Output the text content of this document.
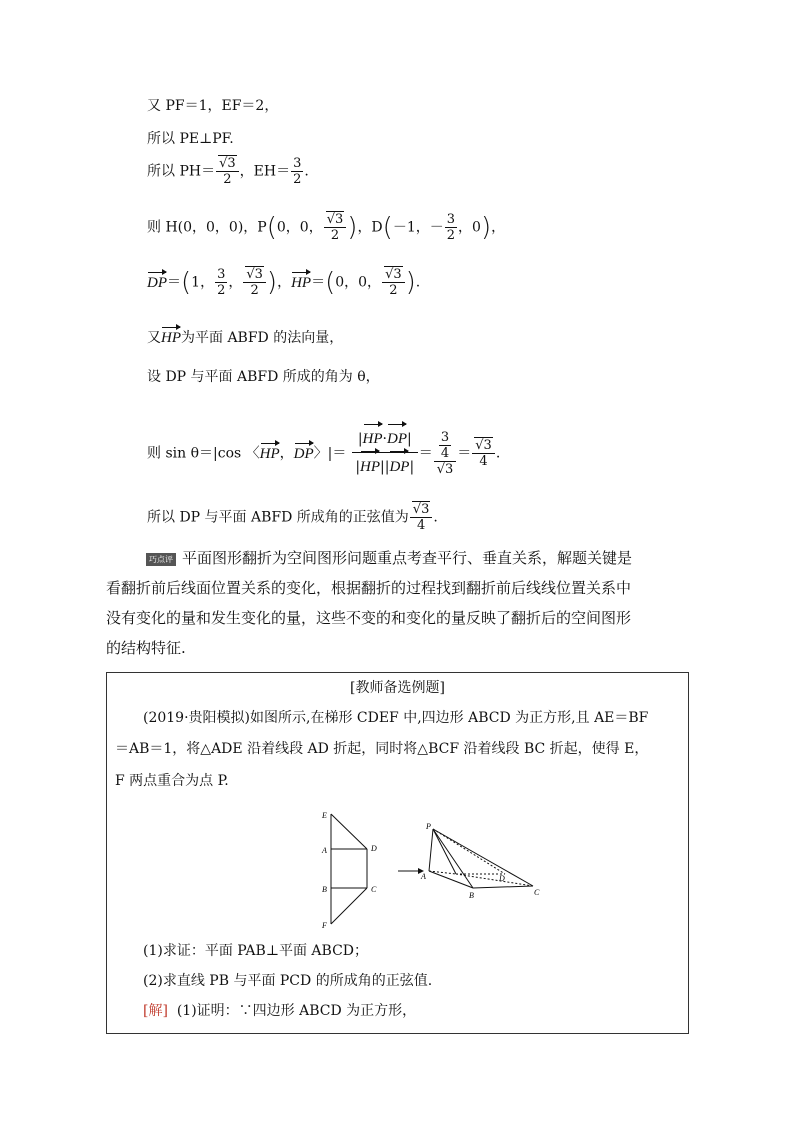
又 PF＝1，EF＝2，
所以 PE⊥PF.
所以 $PH= \frac{√3}{2}$ ，$EH= \frac{3}{2}$ .
则 H(0，0，0)，P(0，0， $\frac{√3}{2}$ )，D(－1，－ $\frac{3}{2}$ ，0)，
DP＝(1， $\frac{3}{2}$ ， $\frac{√3}{2}$ )，HP＝(0，0， $\frac{√3}{2}$ ).
又HP为平面 ABFD 的法向量，
设 DP 与平面 ABFD 所成的角为 θ，
则 sin θ＝|cos 〈HP，DP〉|＝ $\frac{|HP\cdot DP|}{|HP||DP|} = \frac{\frac{3}{4}}{√3} = \frac{√3}{4}$ .
所以 DP 与平面 ABFD 所成角的正弦值为 $\frac{√3}{4}$ .
巧点评 平面图形翻折为空间图形问题重点考查平行、垂直关系，解题关键是
看翻折前后线面位置关系的变化，根据翻折的过程找到翻折前后线线位置关系中
没有变化的量和发生变化的量，这些不变的和变化的量反映了翻折后的空间图形
的结构特征.
[教师备选例题]
(2019·贵阳模拟)如图所示,在梯形 CDEF 中,四边形 ABCD 为正方形,且 AE＝BF
＝AB＝1，将△ADE 沿着线段 AD 折起，同时将△BCF 沿着线段 BC 折起，使得 E，
F 两点重合为点 P.
E
A
B
F
D
C
P
A
B	C
D
(1)求证：平面 PAB⊥平面 ABCD；
(2)求直线 PB 与平面 PCD 的所成角的正弦值.
[解] (1)证明：∵四边形 ABCD 为正方形，
